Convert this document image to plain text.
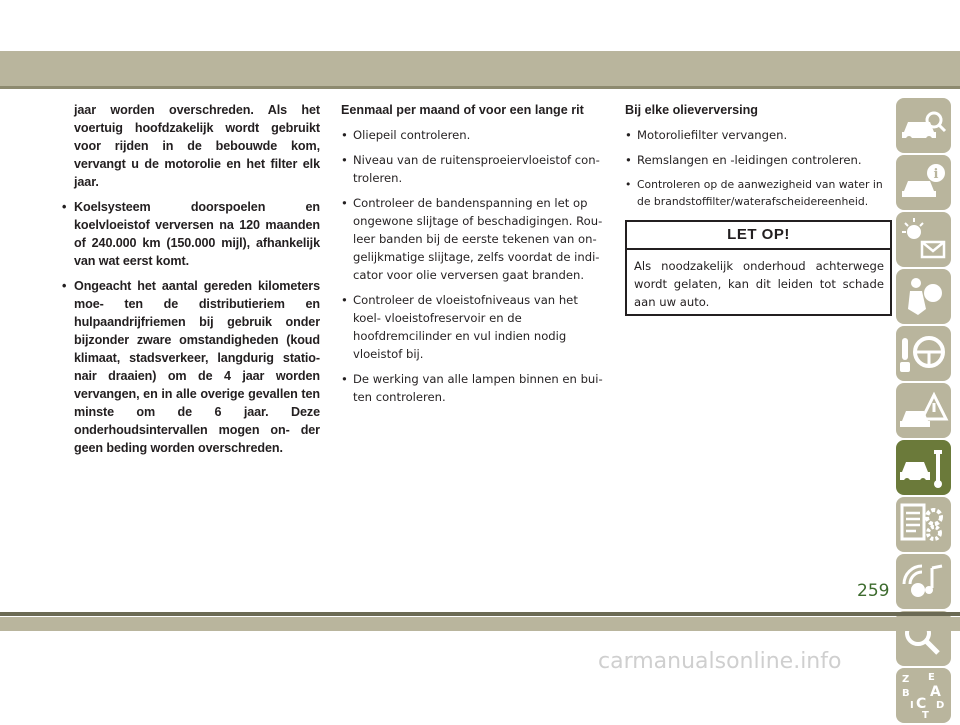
jaar worden overschreden. Als het voertuig hoofdzakelijk wordt gebruikt voor rijden in de bebouwde kom, vervangt u de motorolie en het filter elk jaar.

• Koelsysteem doorspoelen en koelvloeistof verversen na 120 maanden of 240.000 km (150.000 mijl), afhankelijk van wat eerst komt.

• Ongeacht het aantal gereden kilometers moe- ten de distributieriem en hulpaandrijfriemen bij gebruik onder bijzonder zware omstandigheden (koud klimaat, stadsverkeer, langdurig statio- nair draaien) om de 4 jaar worden vervangen, en in alle overige gevallen ten minste om de 6 jaar. Deze onderhoudsintervallen mogen on- der geen beding worden overschreden.

Eenmaal per maand of voor een lange rit

• Oliepeil controleren.

• Niveau van de ruitensproeiervloeistof con- troleren.

• Controleer de bandenspanning en let op ongewone slijtage of beschadigingen. Rou- leer banden bij de eerste tekenen van on- gelijkmatige slijtage, zelfs voordat de indi- cator voor olie verversen gaat branden.

• Controleer de vloeistofniveaus van het koel- vloeistofreservoir en de hoofdremcilinder en vul indien nodig vloeistof bij.

• De werking van alle lampen binnen en bui- ten controleren.

Bij elke olieverversing

• Motoroliefilter vervangen.

• Remslangen en -leidingen controleren.

• Controleren op de aanwezigheid van water in de brandstoffilter/waterafscheidereenheid.

LET OP!
Als noodzakelijk onderhoud achterwege wordt gelaten, kan dit leiden tot schade aan uw auto.
i
Z E
B A
I C D
T
259
carmanualsonline.info
